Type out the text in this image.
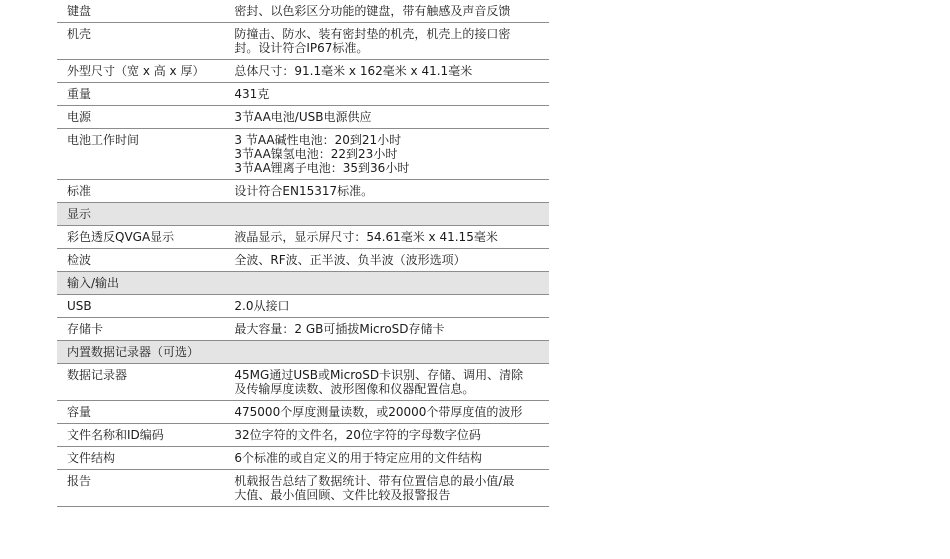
键盘	密封、以色彩区分功能的键盘，带有触感及声音反馈
机壳	防撞击、防水、装有密封垫的机壳，机壳上的接口密
封。设计符合IP67标准。
外型尺寸（宽 x 高 x 厚）	总体尺寸：91.1毫米 x 162毫米 x 41.1毫米
重量	431克
电源	3节AA电池/USB电源供应
电池工作时间	3 节AA碱性电池：20到21小时
3节AA镍氢电池：22到23小时
3节AA锂离子电池：35到36小时
标准	设计符合EN15317标准。
显示	
彩色透反QVGA显示	液晶显示，显示屏尺寸：54.61毫米 x 41.15毫米
检波	全波、RF波、正半波、负半波（波形选项）
输入/输出	
USB	2.0从接口
存储卡	最大容量：2 GB可插拔MicroSD存储卡
内置数据记录器（可选）	
数据记录器	45MG通过USB或MicroSD卡识别、存储、调用、清除
及传输厚度读数、波形图像和仪器配置信息。
容量	475000个厚度测量读数，或20000个带厚度值的波形
文件名称和ID编码	32位字符的文件名，20位字符的字母数字位码
文件结构	6个标准的或自定义的用于特定应用的文件结构
报告	机载报告总结了数据统计、带有位置信息的最小值/最
大值、最小值回顾、文件比较及报警报告
